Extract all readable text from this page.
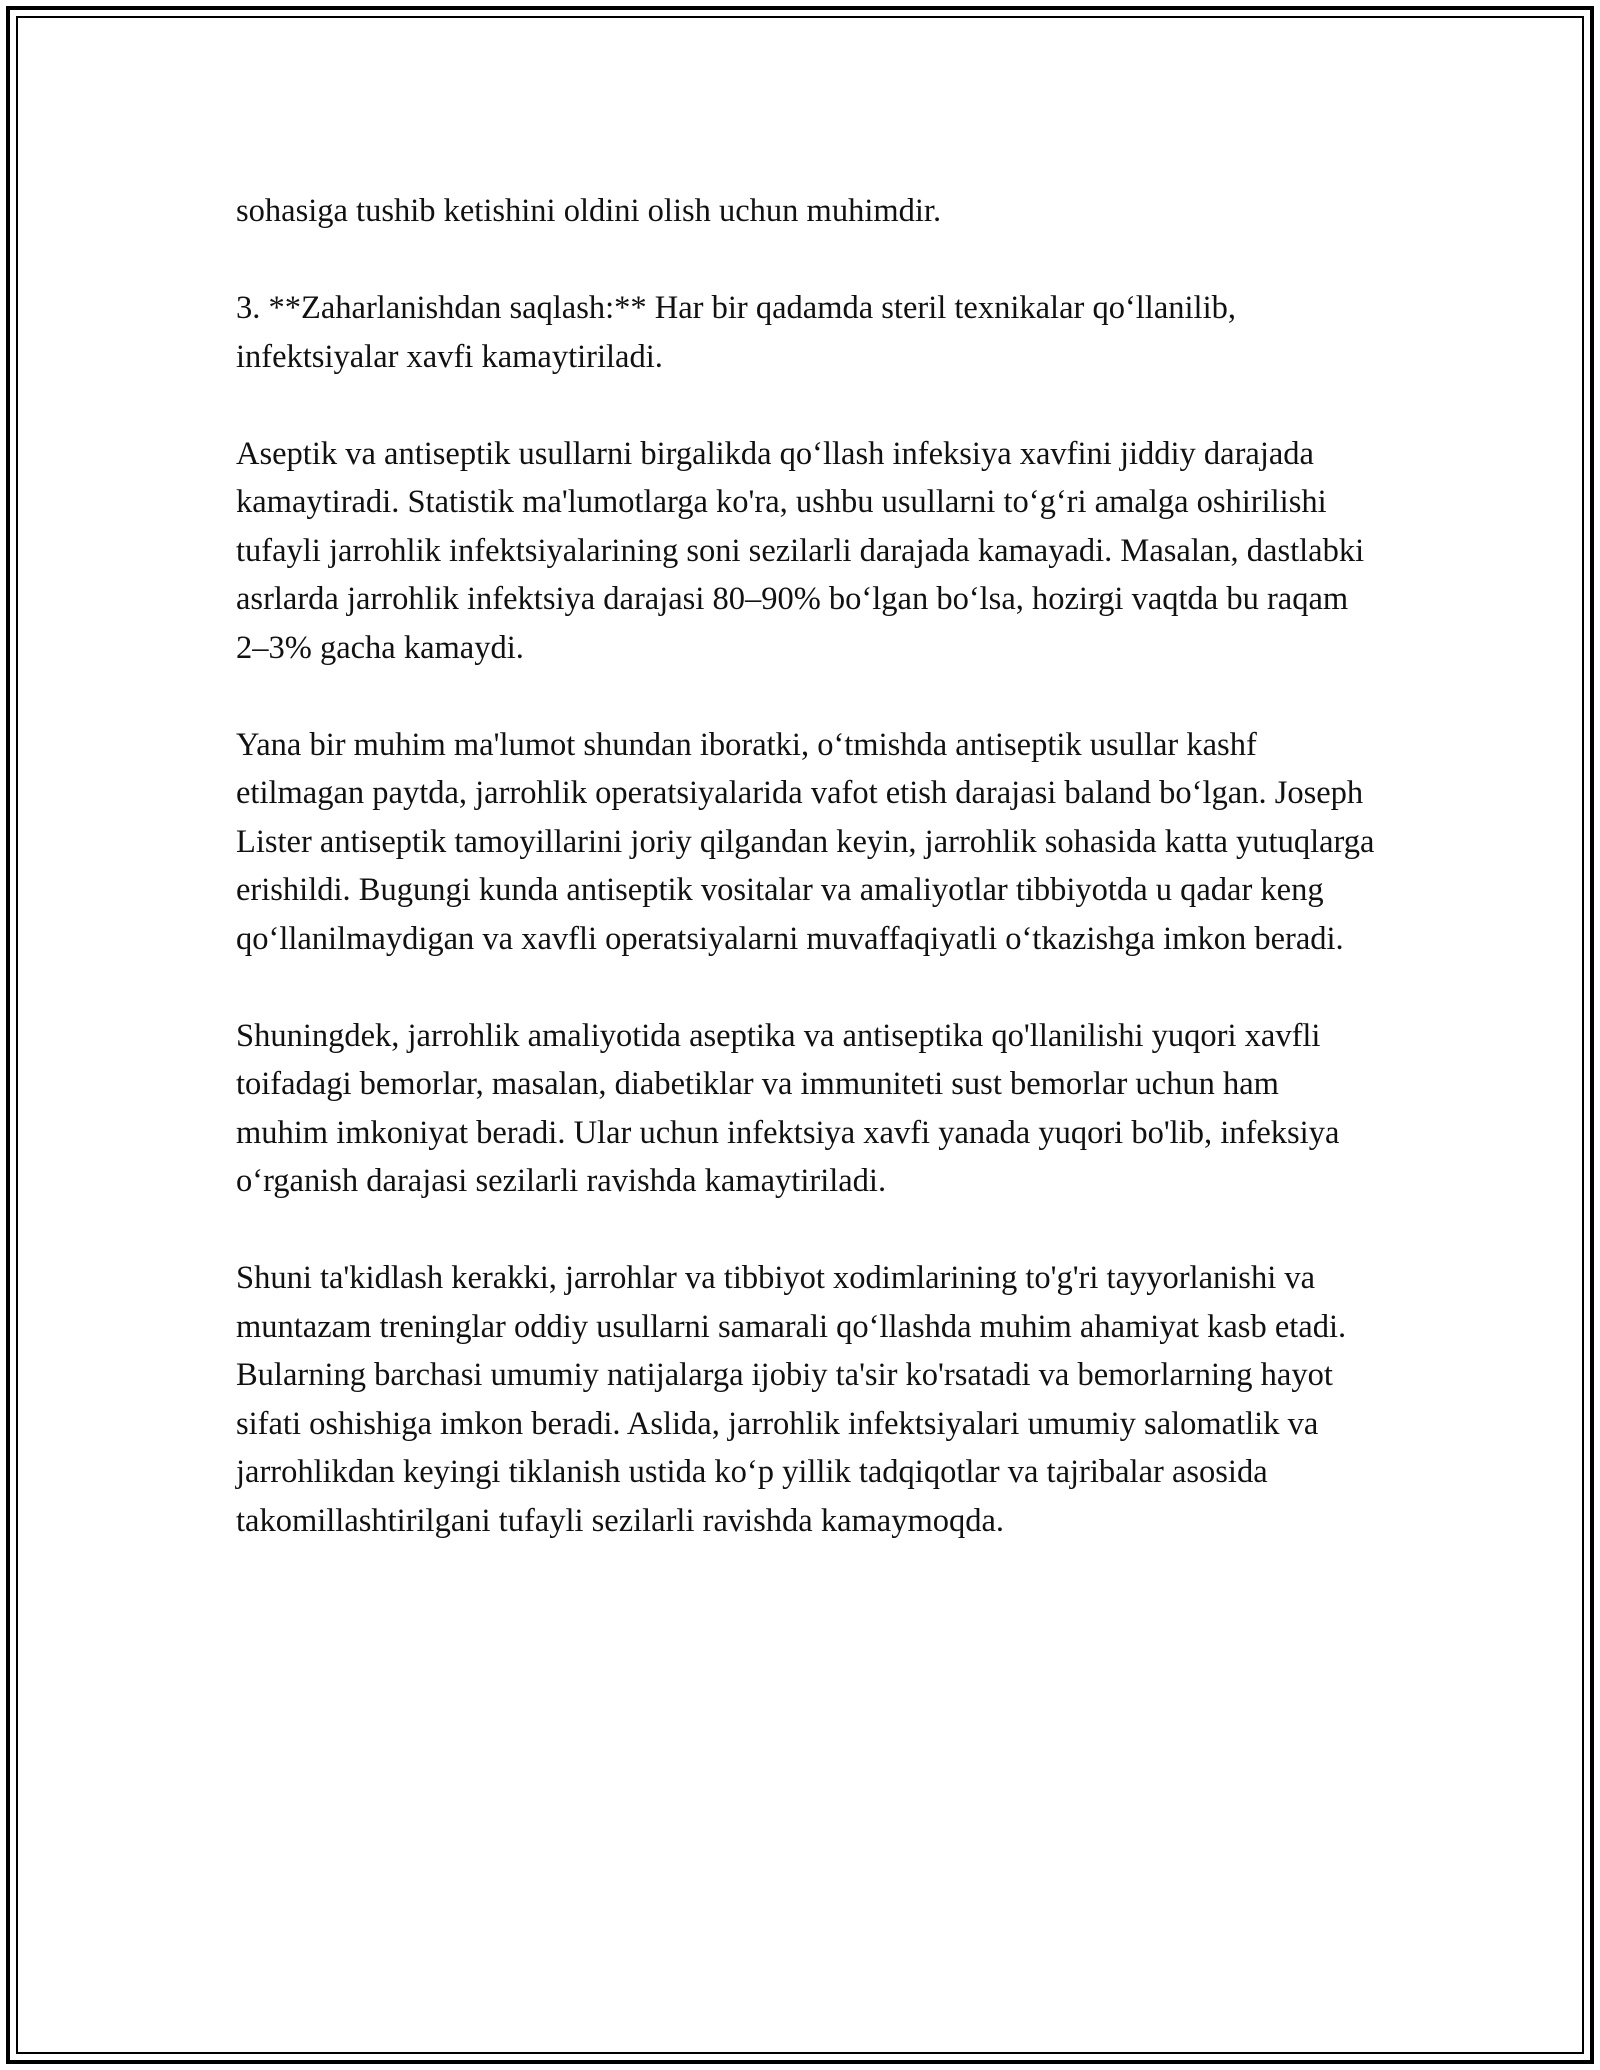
sohasiga tushib ketishini oldini olish uchun muhimdir.

3. **Zaharlanishdan saqlash:** Har bir qadamda steril texnikalar qo‘llanilib, infektsiyalar xavfi kamaytiriladi.

Aseptik va antiseptik usullarni birgalikda qo‘llash infeksiya xavfini jiddiy darajada kamaytiradi. Statistik ma'lumotlarga ko'ra, ushbu usullarni to‘g‘ri amalga oshirilishi tufayli jarrohlik infektsiyalarining soni sezilarli darajada kamayadi. Masalan, dastlabki asrlarda jarrohlik infektsiya darajasi 80–90% bo‘lgan bo‘lsa, hozirgi vaqtda bu raqam 2–3% gacha kamaydi.

Yana bir muhim ma'lumot shundan iboratki, o‘tmishda antiseptik usullar kashf etilmagan paytda, jarrohlik operatsiyalarida vafot etish darajasi baland bo‘lgan. Joseph Lister antiseptik tamoyillarini joriy qilgandan keyin, jarrohlik sohasida katta yutuqlarga erishildi. Bugungi kunda antiseptik vositalar va amaliyotlar tibbiyotda u qadar keng qo‘llanilmaydigan va xavfli operatsiyalarni muvaffaqiyatli o‘tkazishga imkon beradi.

Shuningdek, jarrohlik amaliyotida aseptika va antiseptika qo'llanilishi yuqori xavfli toifadagi bemorlar, masalan, diabetiklar va immuniteti sust bemorlar uchun ham muhim imkoniyat beradi. Ular uchun infektsiya xavfi yanada yuqori bo'lib, infeksiya o‘rganish darajasi sezilarli ravishda kamaytiriladi.

Shuni ta'kidlash kerakki, jarrohlar va tibbiyot xodimlarining to'g'ri tayyorlanishi va muntazam treninglar oddiy usullarni samarali qo‘llashda muhim ahamiyat kasb etadi. Bularning barchasi umumiy natijalarga ijobiy ta'sir ko'rsatadi va bemorlarning hayot sifati oshishiga imkon beradi. Aslida, jarrohlik infektsiyalari umumiy salomatlik va jarrohlikdan keyingi tiklanish ustida ko‘p yillik tadqiqotlar va tajribalar asosida takomillashtirilgani tufayli sezilarli ravishda kamaymoqda.
